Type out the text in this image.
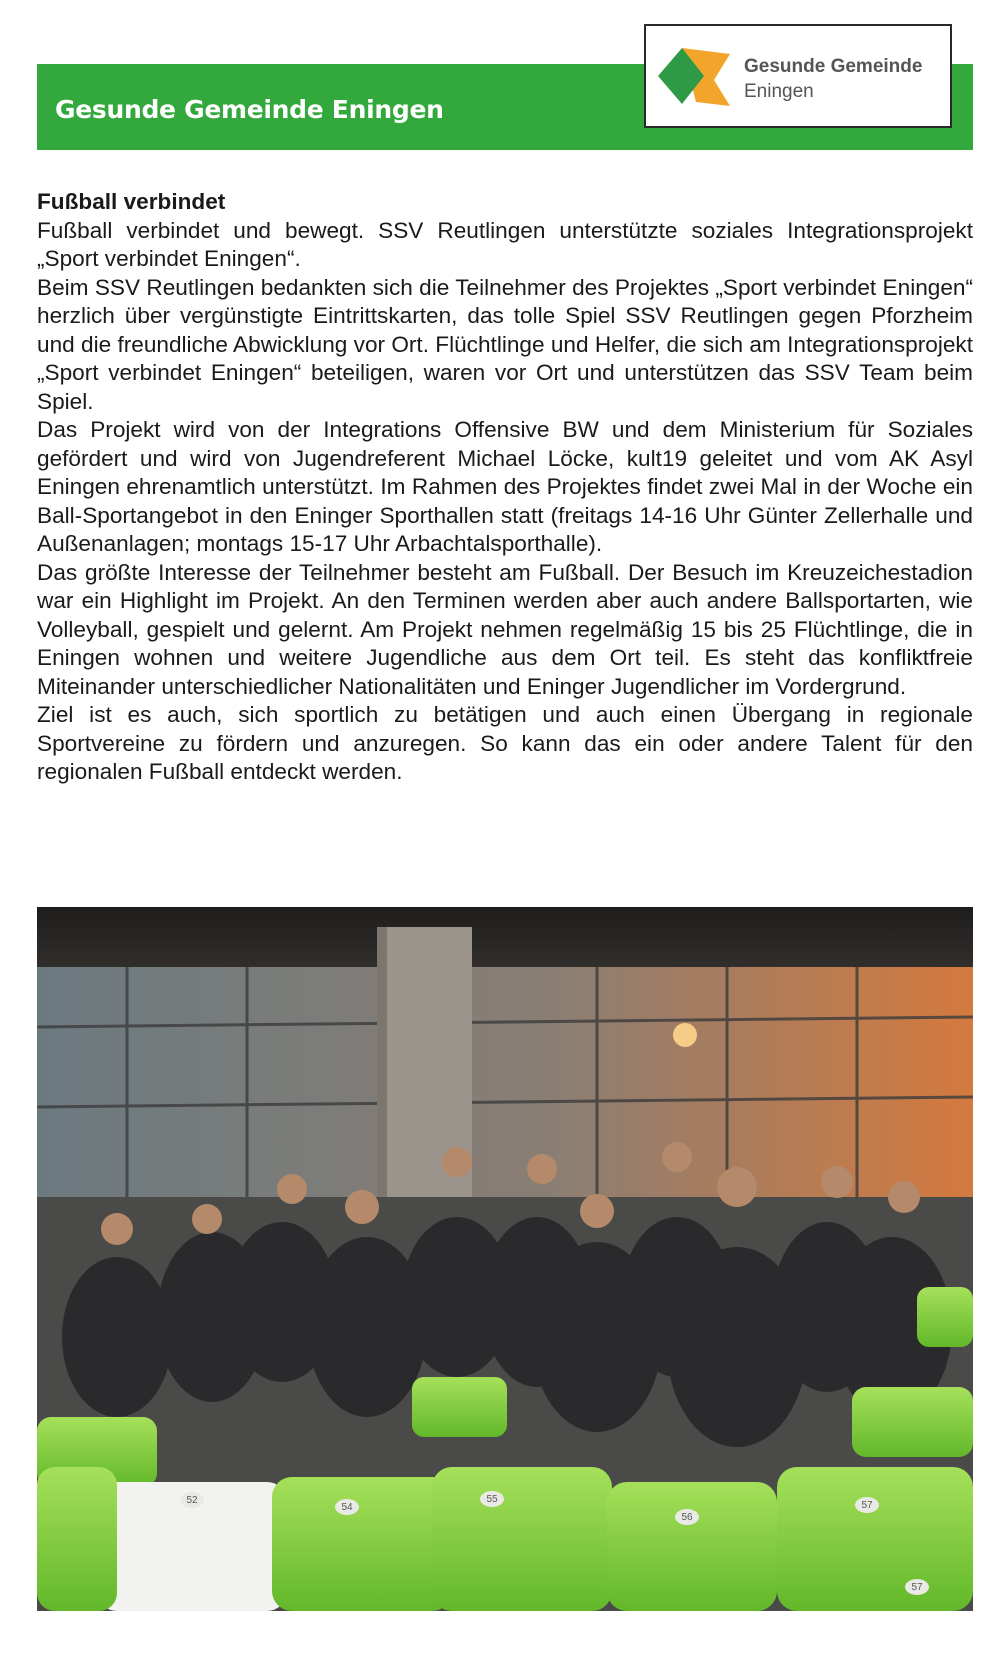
Gesunde Gemeinde Eningen
Gesunde Gemeinde
Eningen
Fußball verbindet

Fußball verbindet und bewegt. SSV Reutlingen unterstützte soziales Integrationsprojekt „Sport verbindet Eningen“.

Beim SSV Reutlingen bedankten sich die Teilnehmer des Projektes „Sport verbindet Eningen“ herzlich über vergünstigte Eintrittskarten, das tolle Spiel SSV Reutlingen gegen Pforzheim und die freundliche Abwicklung vor Ort. Flüchtlinge und Helfer, die sich am Integrationsprojekt „Sport verbindet Eningen“ beteiligen, waren vor Ort und unterstützen das SSV Team beim Spiel.

Das Projekt wird von der Integrations Offensive BW und dem Ministerium für Soziales gefördert und wird von Jugendreferent Michael Löcke, kult19 geleitet und vom AK Asyl Eningen ehrenamtlich unterstützt. Im Rahmen des Projektes findet zwei Mal in der Woche ein Ball-Sportangebot in den Eninger Sporthallen statt (freitags 14-16 Uhr Günter Zellerhalle und Außenanlagen; montags 15-17 Uhr Arbachtalsporthalle).

Das größte Interesse der Teilnehmer besteht am Fußball. Der Besuch im Kreuzeichestadion war ein Highlight im Projekt. An den Terminen werden aber auch andere Ballsportarten, wie Volleyball, gespielt und gelernt. Am Projekt nehmen regelmäßig 15 bis 25 Flüchtlinge, die in Eningen wohnen und weitere Jugendliche aus dem Ort teil. Es steht das konfliktfreie Miteinander unterschiedlicher Nationalitäten und Eninger Jugendlicher im Vordergrund.

Ziel ist es auch, sich sportlich zu betätigen und auch einen Übergang in regionale Sportvereine zu fördern und anzuregen. So kann das ein oder andere Talent für den regionalen Fußball entdeckt werden.

52
54
55
56
57
57
